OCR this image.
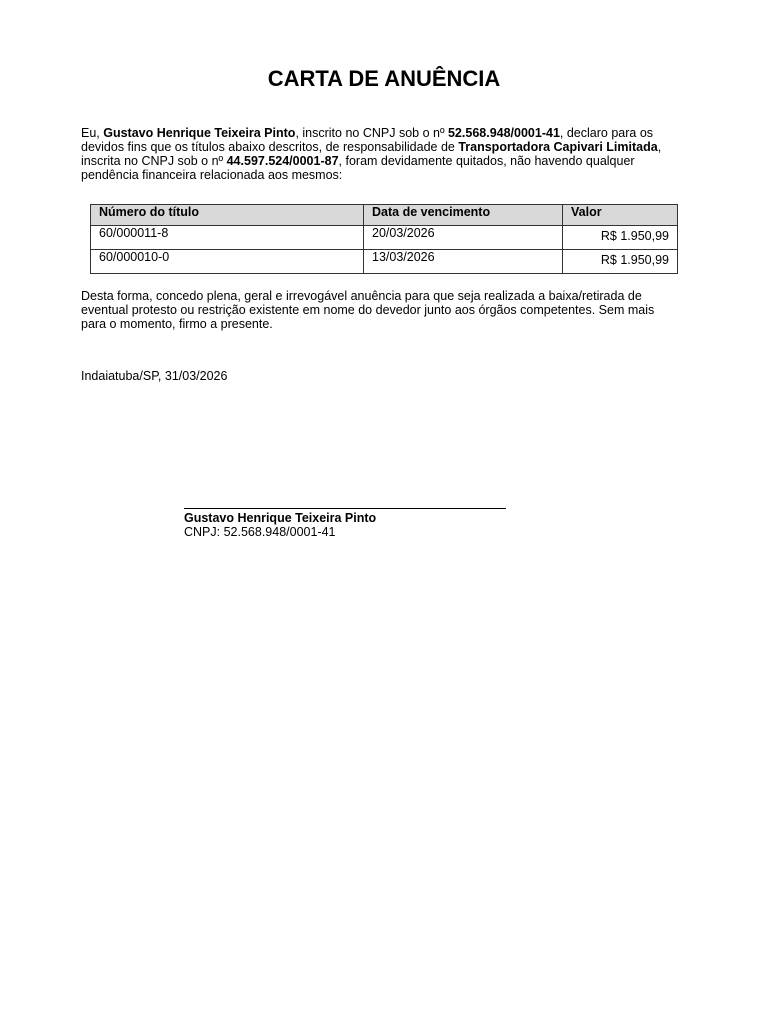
CARTA DE ANUÊNCIA
Eu, Gustavo Henrique Teixeira Pinto, inscrito no CNPJ sob o nº 52.568.948/0001-41, declaro para os devidos fins que os títulos abaixo descritos, de responsabilidade de Transportadora Capivari Limitada, inscrita no CNPJ sob o nº 44.597.524/0001-87, foram devidamente quitados, não havendo qualquer pendência financeira relacionada aos mesmos:
Número do título	Data de vencimento	Valor
60/000011-8	20/03/2026	R$ 1.950,99
60/000010-0	13/03/2026	R$ 1.950,99
Desta forma, concedo plena, geral e irrevogável anuência para que seja realizada a baixa/retirada de eventual protesto ou restrição existente em nome do devedor junto aos órgãos competentes. Sem mais para o momento, firmo a presente.
Indaiatuba/SP, 31/03/2026
Gustavo Henrique Teixeira Pinto
CNPJ: 52.568.948/0001-41
